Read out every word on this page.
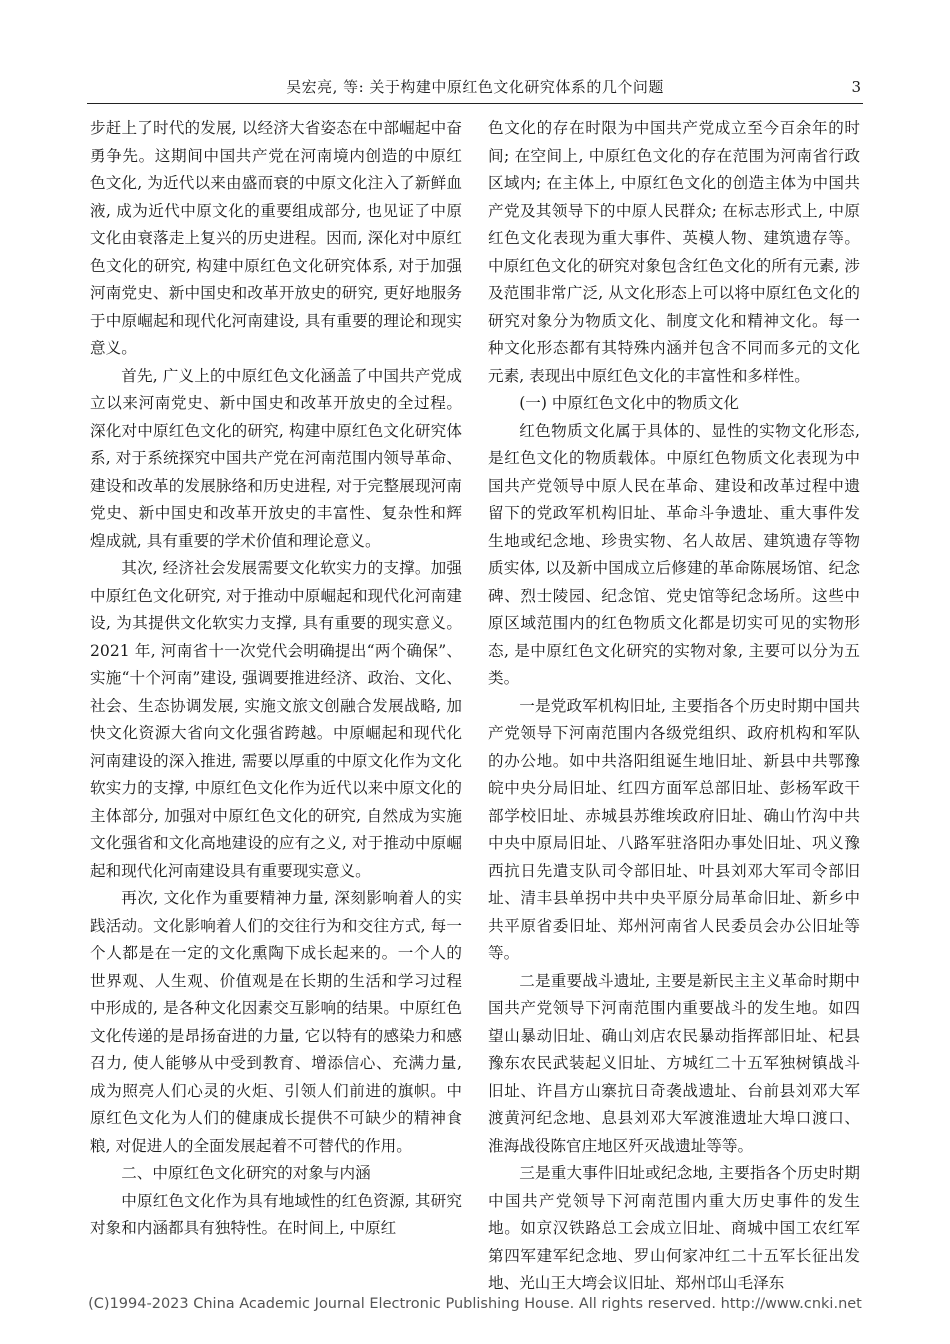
吴宏亮, 等: 关于构建中原红色文化研究体系的几个问题	3

步赶上了时代的发展, 以经济大省姿态在中部崛起中奋勇争先。这期间中国共产党在河南境内创造的中原红色文化, 为近代以来由盛而衰的中原文化注入了新鲜血液, 成为近代中原文化的重要组成部分, 也见证了中原文化由衰落走上复兴的历史进程。因而, 深化对中原红色文化的研究, 构建中原红色文化研究体系, 对于加强河南党史、新中国史和改革开放史的研究, 更好地服务于中原崛起和现代化河南建设, 具有重要的理论和现实意义。

首先, 广义上的中原红色文化涵盖了中国共产党成立以来河南党史、新中国史和改革开放史的全过程。深化对中原红色文化的研究, 构建中原红色文化研究体系, 对于系统探究中国共产党在河南范围内领导革命、建设和改革的发展脉络和历史进程, 对于完整展现河南党史、新中国史和改革开放史的丰富性、复杂性和辉煌成就, 具有重要的学术价值和理论意义。

其次, 经济社会发展需要文化软实力的支撑。加强中原红色文化研究, 对于推动中原崛起和现代化河南建设, 为其提供文化软实力支撑, 具有重要的现实意义。2021 年, 河南省十一次党代会明确提出“两个确保”、实施“十个河南”建设, 强调要推进经济、政治、文化、社会、生态协调发展, 实施文旅文创融合发展战略, 加快文化资源大省向文化强省跨越。中原崛起和现代化河南建设的深入推进, 需要以厚重的中原文化作为文化软实力的支撑, 中原红色文化作为近代以来中原文化的主体部分, 加强对中原红色文化的研究, 自然成为实施文化强省和文化高地建设的应有之义, 对于推动中原崛起和现代化河南建设具有重要现实意义。

再次, 文化作为重要精神力量, 深刻影响着人的实践活动。文化影响着人们的交往行为和交往方式, 每一个人都是在一定的文化熏陶下成长起来的。一个人的世界观、人生观、价值观是在长期的生活和学习过程中形成的, 是各种文化因素交互影响的结果。中原红色文化传递的是昂扬奋进的力量, 它以特有的感染力和感召力, 使人能够从中受到教育、增添信心、充满力量, 成为照亮人们心灵的火炬、引领人们前进的旗帜。中原红色文化为人们的健康成长提供不可缺少的精神食粮, 对促进人的全面发展起着不可替代的作用。

二、中原红色文化研究的对象与内涵

中原红色文化作为具有地域性的红色资源, 其研究对象和内涵都具有独特性。在时间上, 中原红

色文化的存在时限为中国共产党成立至今百余年的时间; 在空间上, 中原红色文化的存在范围为河南省行政区域内; 在主体上, 中原红色文化的创造主体为中国共产党及其领导下的中原人民群众; 在标志形式上, 中原红色文化表现为重大事件、英模人物、建筑遗存等。中原红色文化的研究对象包含红色文化的所有元素, 涉及范围非常广泛, 从文化形态上可以将中原红色文化的研究对象分为物质文化、制度文化和精神文化。每一种文化形态都有其特殊内涵并包含不同而多元的文化元素, 表现出中原红色文化的丰富性和多样性。

(一) 中原红色文化中的物质文化

红色物质文化属于具体的、显性的实物文化形态, 是红色文化的物质载体。中原红色物质文化表现为中国共产党领导中原人民在革命、建设和改革过程中遗留下的党政军机构旧址、革命斗争遗址、重大事件发生地或纪念地、珍贵实物、名人故居、建筑遗存等物质实体, 以及新中国成立后修建的革命陈展场馆、纪念碑、烈士陵园、纪念馆、党史馆等纪念场所。这些中原区域范围内的红色物质文化都是切实可见的实物形态, 是中原红色文化研究的实物对象, 主要可以分为五类。

一是党政军机构旧址, 主要指各个历史时期中国共产党领导下河南范围内各级党组织、政府机构和军队的办公地。如中共洛阳组诞生地旧址、新县中共鄂豫皖中央分局旧址、红四方面军总部旧址、彭杨军政干部学校旧址、赤城县苏维埃政府旧址、确山竹沟中共中央中原局旧址、八路军驻洛阳办事处旧址、巩义豫西抗日先遣支队司令部旧址、叶县刘邓大军司令部旧址、清丰县单拐中共中央平原分局革命旧址、新乡中共平原省委旧址、郑州河南省人民委员会办公旧址等等。

二是重要战斗遗址, 主要是新民主主义革命时期中国共产党领导下河南范围内重要战斗的发生地。如四望山暴动旧址、确山刘店农民暴动指挥部旧址、杞县豫东农民武装起义旧址、方城红二十五军独树镇战斗旧址、许昌方山寨抗日奇袭战遗址、台前县刘邓大军渡黄河纪念地、息县刘邓大军渡淮遗址大埠口渡口、淮海战役陈官庄地区歼灭战遗址等等。

三是重大事件旧址或纪念地, 主要指各个历史时期中国共产党领导下河南范围内重大历史事件的发生地。如京汉铁路总工会成立旧址、商城中国工农红军第四军建军纪念地、罗山何家冲红二十五军长征出发地、光山王大塆会议旧址、郑州邙山毛泽东

(C)1994-2023 China Academic Journal Electronic Publishing House. All rights reserved. http://www.cnki.net
